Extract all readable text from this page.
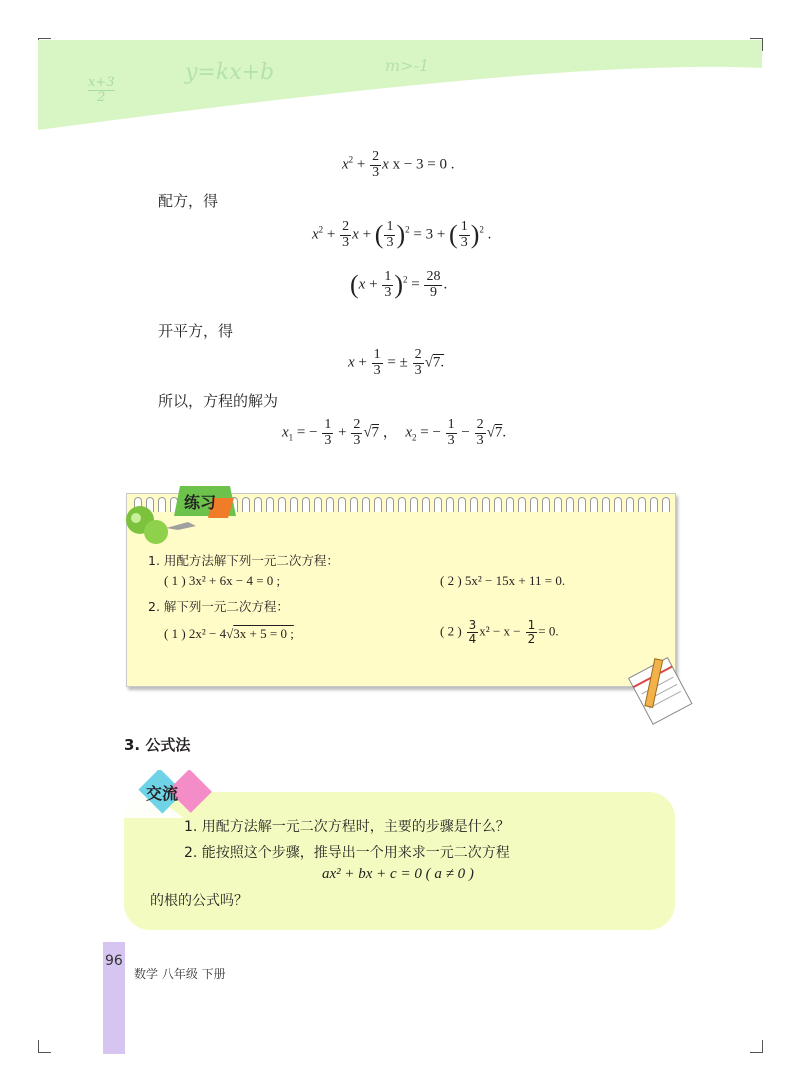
x+3
2
y=kx+b	m>-1
$x^2 + \frac{2}{3}$ x x − 3 = 0 .
配方，得
$x^2 + \frac{2}{3}$ x + ( $\frac{1}{3} )^2 = 3$ + ( $\frac{1}{3} )^2$ .
$(x + \frac{1}{3} )^2 = \frac{28}{9}$ .
开平方，得
$x + \frac{1}{3}$ = ± $\frac{2}{3} √7$.
所以，方程的解为
$x_1$ = − $\frac{1}{3} + \frac{2}{3} √7$ ， $x_2$ = − $\frac{1}{3} - \frac{2}{3} √7$.
练习
1. 用配方法解下列一元二次方程：
( 1 ) 3x² + 6x − 4 = 0 ;	( 2 ) 5x² − 15x + 11 = 0.
2. 解下列一元二次方程：
( 1 ) 2x² − 4√3x + 5 = 0 ;	( 2 ) $\frac{3}{4} x^2 - x - \frac{1}{2} = 0$.
3. 公式法
交流
1. 用配方法解一元二次方程时，主要的步骤是什么？
2. 能按照这个步骤，推导出一个用来求一元二次方程
ax² + bx + c = 0 ( a ≠ 0 )
的根的公式吗？
96
数学 八年级 下册
